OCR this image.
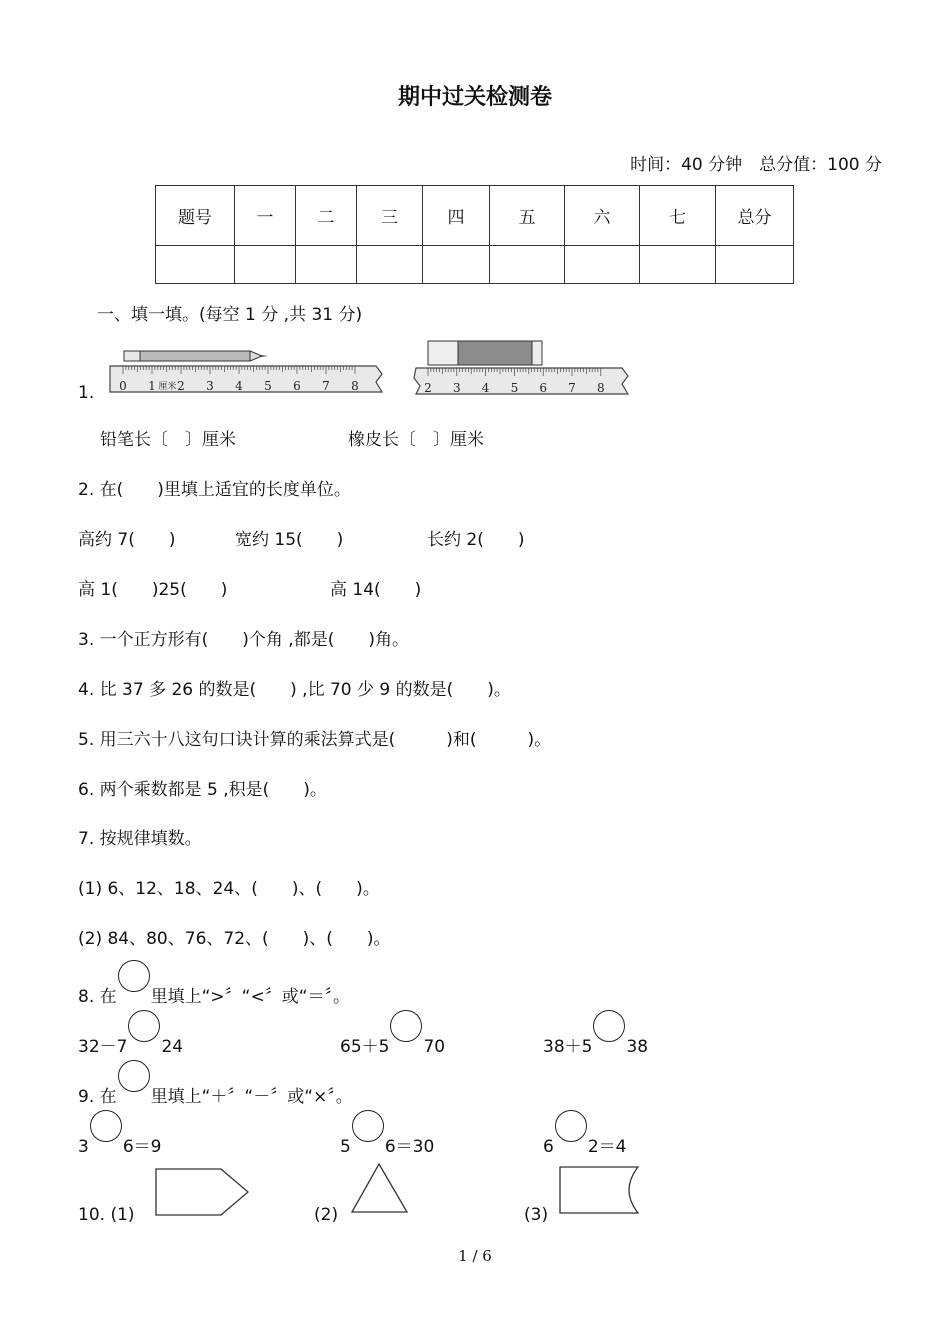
期中过关检测卷
时间：40 分钟　 总分值：100 分
题号	一	二	三	四	五	六	七	总分

一、填一填。(每空 1 分 ,共 31 分)
1. 0 1 2 3 4 5 6 7 8
厘米	2 3 4 5 6 7 8
铅笔长〔　〕厘米	橡皮长〔　〕厘米
2. 在(　　)里填上适宜的长度单位。
高约 7(　　)	宽约 15(　　)	长约 2(　　)
高 1(　　)25(　　)	高 14(　　)
3. 一个正方形有(　　)个角 ,都是(　　)角。
4. 比 37 多 26 的数是(　　) ,比 70 少 9 的数是(　　)。
5. 用三六十八这句口诀计算的乘法算式是(　　　)和(　　　)。
6. 两个乘数都是 5 ,积是(　　)。
7. 按规律填数。
(1) 6、12、18、24、(　　)、(　　)。
(2) 84、80、76、72、(　　)、(　　)。
8. 在 里填上“>〞“<〞或“＝〞。
32－7 24	65＋5 70	38＋5 38
9. 在 里填上“＋〞“－〞或“×〞。
3 6＝9	5 6＝30	6 2＝4
10. (1)	(2)	(3)
1 / 6
